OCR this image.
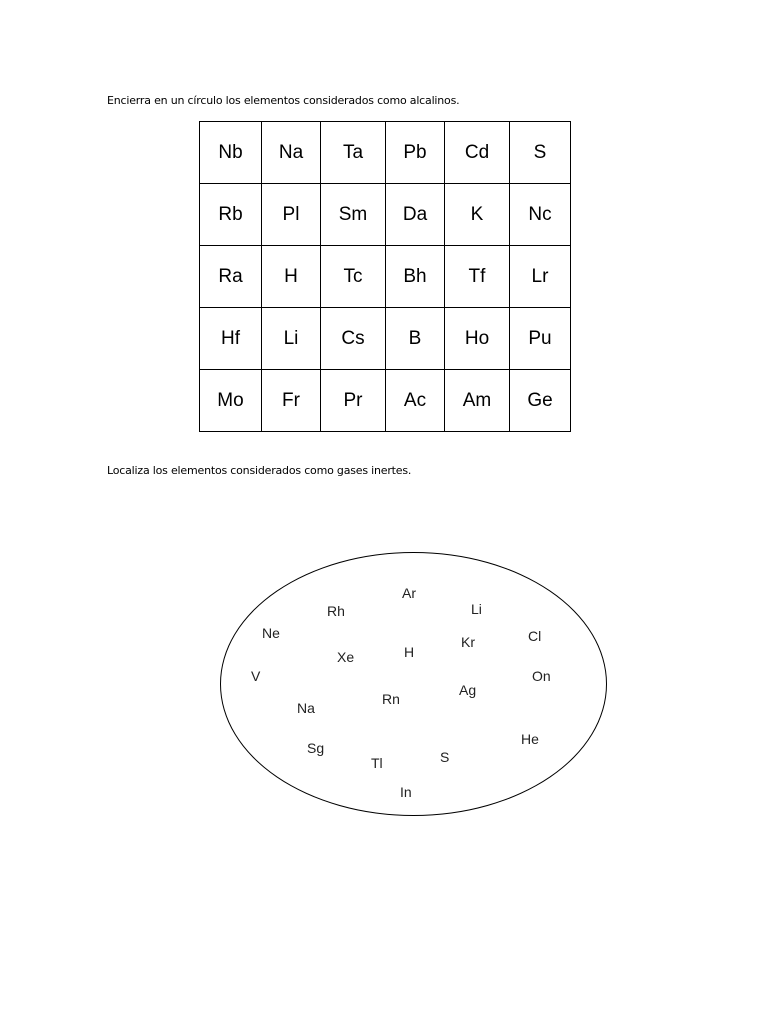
Encierra en un círculo los elementos considerados como alcalinos.
Nb	Na	Ta	Pb	Cd	S
Rb	Pl	Sm	Da	K	Nc
Ra	H	Tc	Bh	Tf	Lr
Hf	Li	Cs	B	Ho	Pu
Mo	Fr	Pr	Ac	Am	Ge
Localiza los elementos considerados como gases inertes.
Ar
Rh	Li
Ne	Cl
Kr
Xe	H
V	On
Ag
Rn
Na
He
Sg
S
Tl
In
